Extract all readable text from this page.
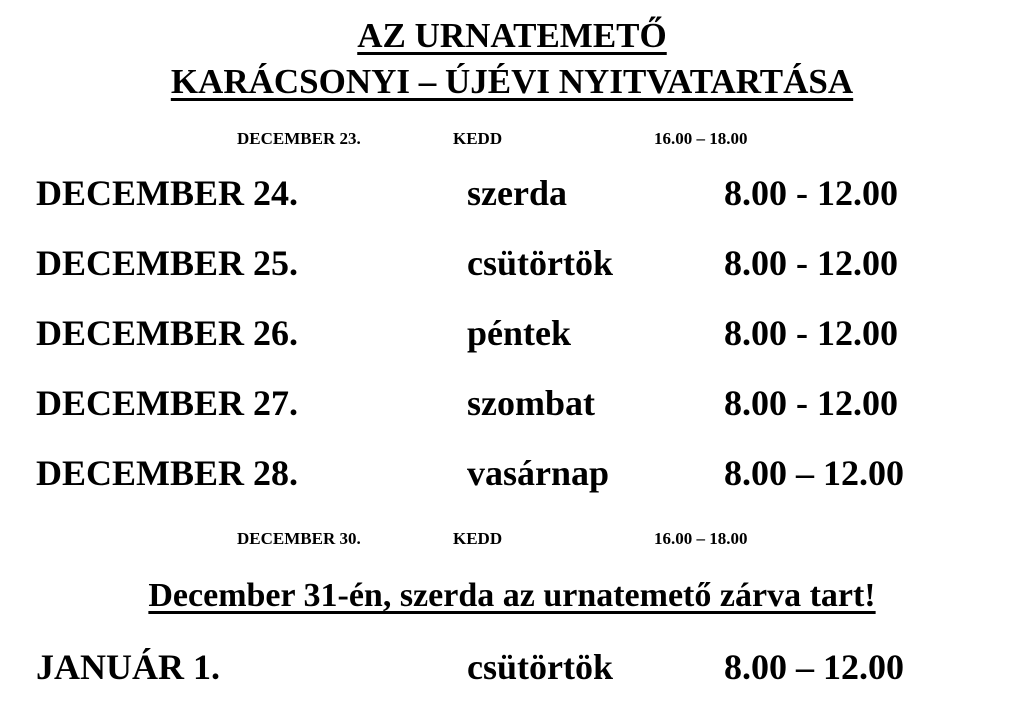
AZ URNATEMETŐ
KARÁCSONYI – ÚJÉVI NYITVATARTÁSA
DECEMBER 23.	KEDD	16.00 – 18.00
DECEMBER 24.	szerda	8.00 - 12.00
DECEMBER 25.	csütörtök	8.00 - 12.00
DECEMBER 26.	péntek	8.00 - 12.00
DECEMBER 27.	szombat	8.00 - 12.00
DECEMBER 28.	vasárnap	8.00 – 12.00
DECEMBER 30.	KEDD	16.00 – 18.00
December 31-én, szerda az urnatemető zárva tart!
JANUÁR 1.	csütörtök	8.00 – 12.00
